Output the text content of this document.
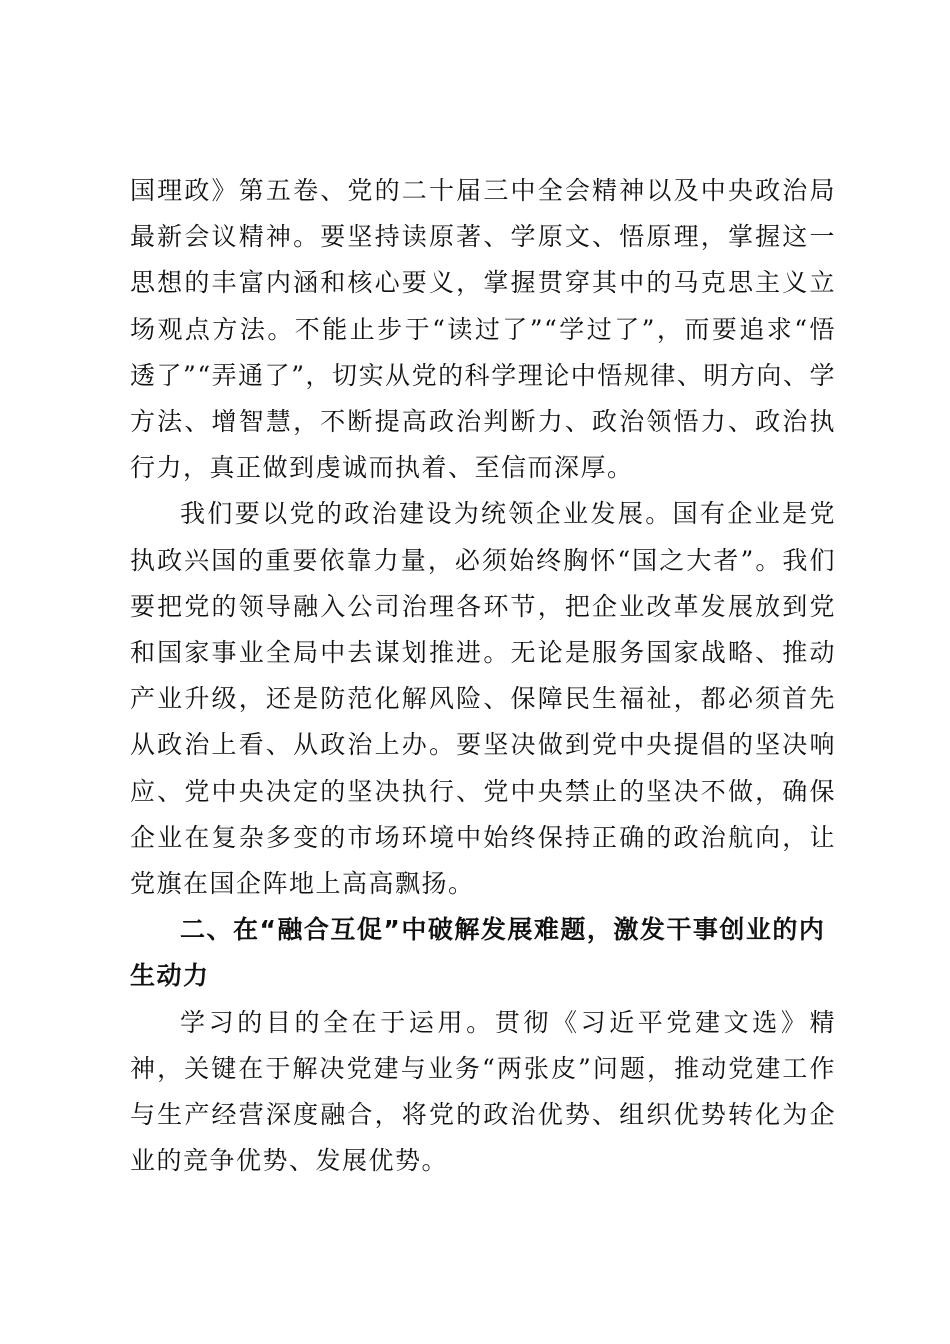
国理政》第五卷、党的二十届三中全会精神以及中央政治局最新会议精神。要坚持读原著、学原文、悟原理，掌握这一思想的丰富内涵和核心要义，掌握贯穿其中的马克思主义立场观点方法。不能止步于“读过了”“学过了”，而要追求“悟透了”“弄通了”，切实从党的科学理论中悟规律、明方向、学方法、增智慧，不断提高政治判断力、政治领悟力、政治执行力，真正做到虔诚而执着、至信而深厚。

我们要以党的政治建设为统领企业发展。国有企业是党执政兴国的重要依靠力量，必须始终胸怀“国之大者”。我们要把党的领导融入公司治理各环节，把企业改革发展放到党和国家事业全局中去谋划推进。无论是服务国家战略、推动产业升级，还是防范化解风险、保障民生福祉，都必须首先从政治上看、从政治上办。要坚决做到党中央提倡的坚决响应、党中央决定的坚决执行、党中央禁止的坚决不做，确保企业在复杂多变的市场环境中始终保持正确的政治航向，让党旗在国企阵地上高高飘扬。

二、在“融合互促”中破解发展难题，激发干事创业的内生动力

学习的目的全在于运用。贯彻《习近平党建文选》精神，关键在于解决党建与业务“两张皮”问题，推动党建工作与生产经营深度融合，将党的政治优势、组织优势转化为企业的竞争优势、发展优势。
